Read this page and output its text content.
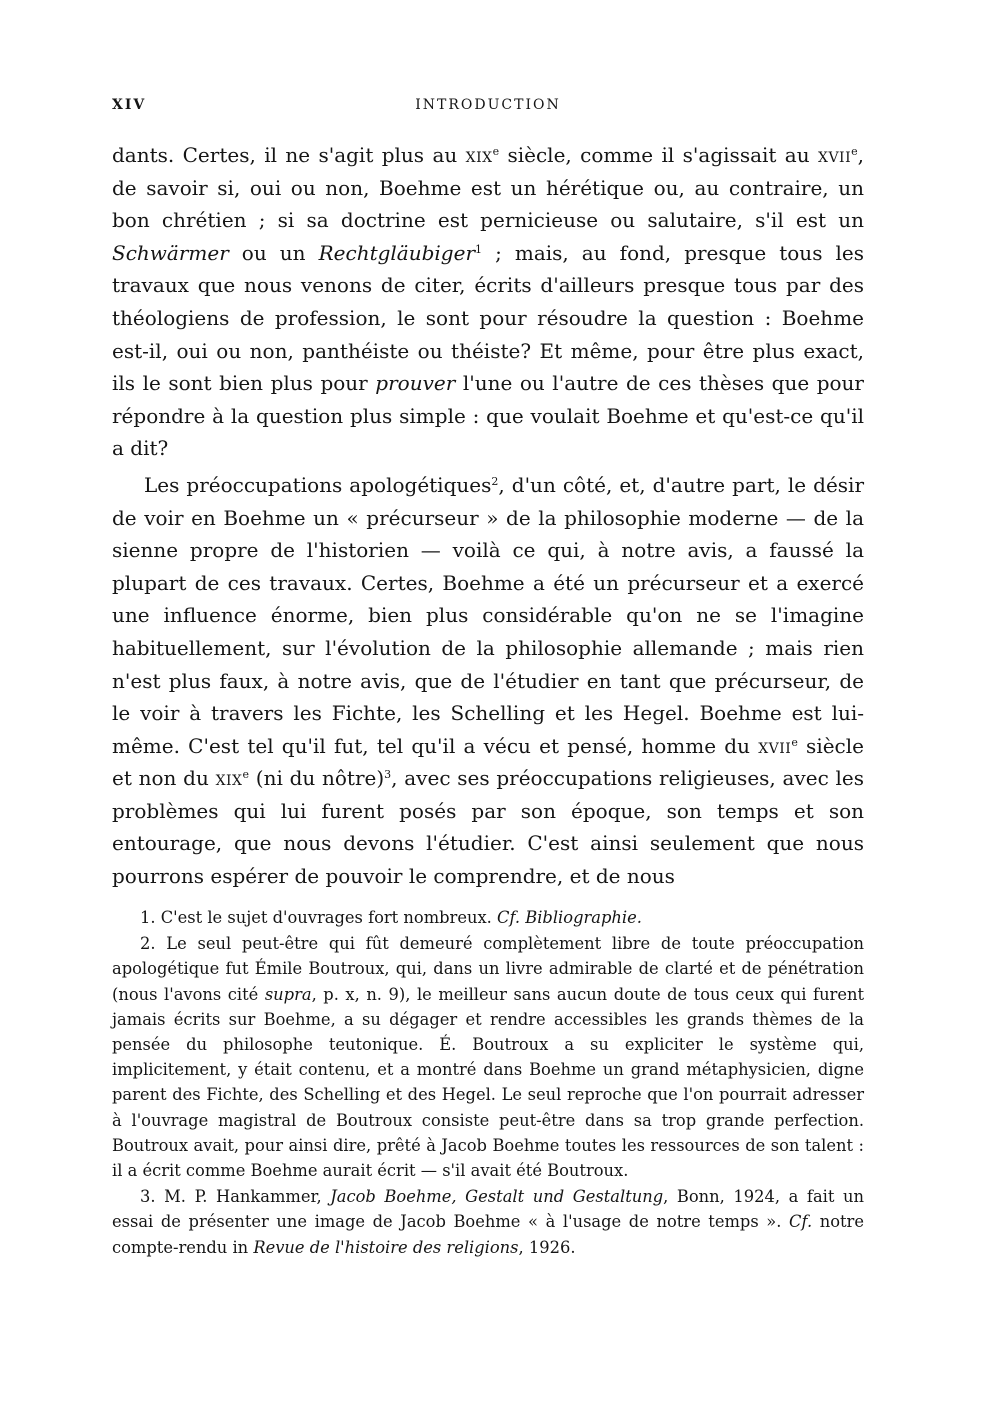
XIV	INTRODUCTION

dants. Certes, il ne s'agit plus au xix$^e$ siècle, comme il s'agissait au xvii$^e$, de savoir si, oui ou non, Boehme est un hérétique ou, au contraire, un bon chrétien ; si sa doctrine est pernicieuse ou salutaire, s'il est un Schwärmer ou un Rechtgläubiger$^1$ ; mais, au fond, presque tous les travaux que nous venons de citer, écrits d'ailleurs presque tous par des théologiens de profession, le sont pour résoudre la question : Boehme est-il, oui ou non, panthéiste ou théiste? Et même, pour être plus exact, ils le sont bien plus pour prouver l'une ou l'autre de ces thèses que pour répondre à la question plus simple : que voulait Boehme et qu'est-ce qu'il a dit?

Les préoccupations apologétiques$^2$, d'un côté, et, d'autre part, le désir de voir en Boehme un « précurseur » de la philosophie moderne — de la sienne propre de l'historien — voilà ce qui, à notre avis, a faussé la plupart de ces travaux. Certes, Boehme a été un précurseur et a exercé une influence énorme, bien plus considérable qu'on ne se l'imagine habituellement, sur l'évolution de la philosophie allemande ; mais rien n'est plus faux, à notre avis, que de l'étudier en tant que précurseur, de le voir à travers les Fichte, les Schelling et les Hegel. Boehme est lui-même. C'est tel qu'il fut, tel qu'il a vécu et pensé, homme du xvii$^e$ siècle et non du xix$^e$ (ni du nôtre)$^3$, avec ses préoccupations religieuses, avec les problèmes qui lui furent posés par son époque, son temps et son entourage, que nous devons l'étudier. C'est ainsi seulement que nous pourrons espérer de pouvoir le comprendre, et de nous

1. C'est le sujet d'ouvrages fort nombreux. Cf. Bibliographie.

2. Le seul peut-être qui fût demeuré complètement libre de toute préoccupation apologétique fut Émile Boutroux, qui, dans un livre admirable de clarté et de pénétration (nous l'avons cité supra, p. x, n. 9), le meilleur sans aucun doute de tous ceux qui furent jamais écrits sur Boehme, a su dégager et rendre accessibles les grands thèmes de la pensée du philosophe teutonique. É. Boutroux a su expliciter le système qui, implicitement, y était contenu, et a montré dans Boehme un grand métaphysicien, digne parent des Fichte, des Schelling et des Hegel. Le seul reproche que l'on pourrait adresser à l'ouvrage magistral de Boutroux consiste peut-être dans sa trop grande perfection. Boutroux avait, pour ainsi dire, prêté à Jacob Boehme toutes les ressources de son talent : il a écrit comme Boehme aurait écrit — s'il avait été Boutroux.

3. M. P. Hankammer, Jacob Boehme, Gestalt und Gestaltung, Bonn, 1924, a fait un essai de présenter une image de Jacob Boehme « à l'usage de notre temps ». Cf. notre compte-rendu in Revue de l'histoire des religions, 1926.
